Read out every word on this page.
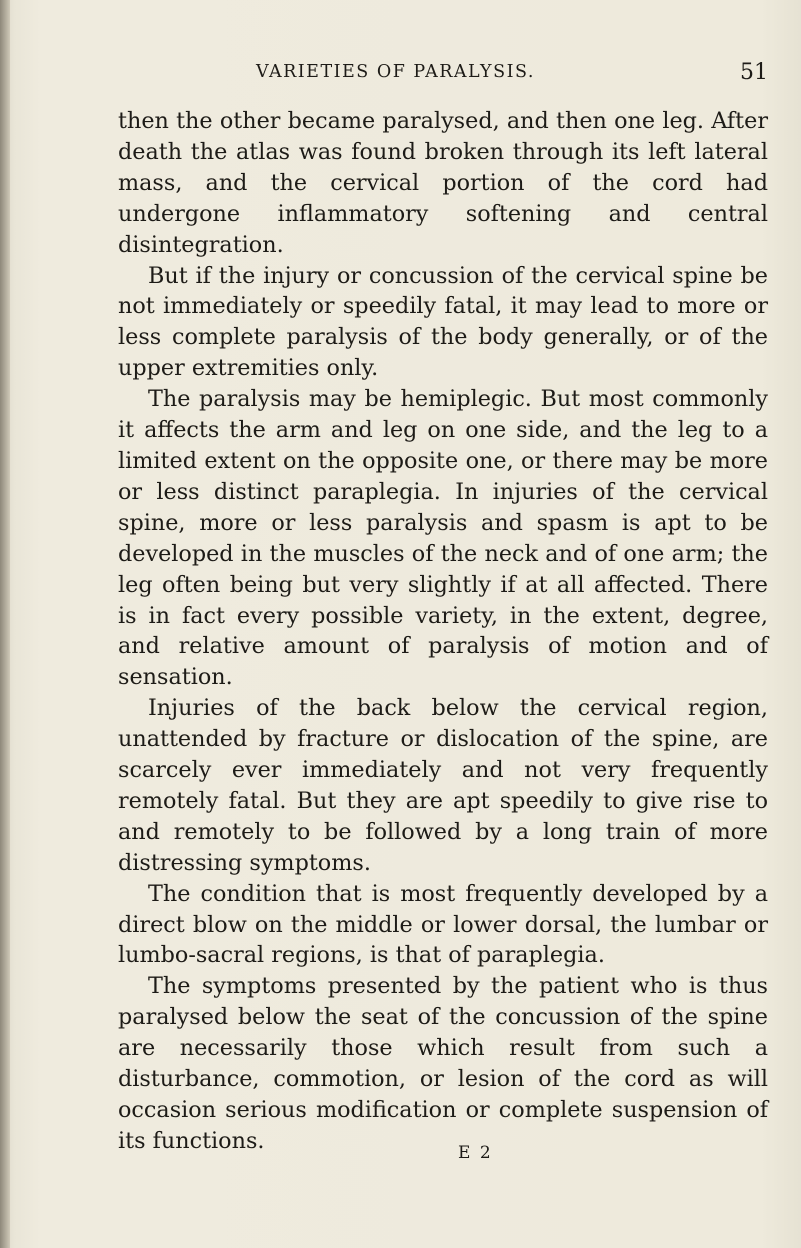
VARIETIES OF PARALYSIS.	51

then the other became paralysed, and then one leg. After death the atlas was found broken through its left lateral mass, and the cervical portion of the cord had undergone inflammatory softening and central disintegration.

But if the injury or concussion of the cervical spine be not immediately or speedily fatal, it may lead to more or less complete paralysis of the body generally, or of the upper extremities only.

The paralysis may be hemiplegic. But most commonly it affects the arm and leg on one side, and the leg to a limited extent on the opposite one, or there may be more or less distinct paraplegia. In injuries of the cervical spine, more or less paralysis and spasm is apt to be developed in the muscles of the neck and of one arm; the leg often being but very slightly if at all affected. There is in fact every possible variety, in the extent, degree, and relative amount of paralysis of motion and of sensation.

Injuries of the back below the cervical region, unattended by fracture or dislocation of the spine, are scarcely ever immediately and not very frequently remotely fatal. But they are apt speedily to give rise to and remotely to be followed by a long train of more distressing symptoms.

The condition that is most frequently developed by a direct blow on the middle or lower dorsal, the lumbar or lumbo-sacral regions, is that of paraplegia.

The symptoms presented by the patient who is thus paralysed below the seat of the concussion of the spine are necessarily those which result from such a disturbance, commotion, or lesion of the cord as will occasion serious modification or complete suspension of its functions.	E 2
